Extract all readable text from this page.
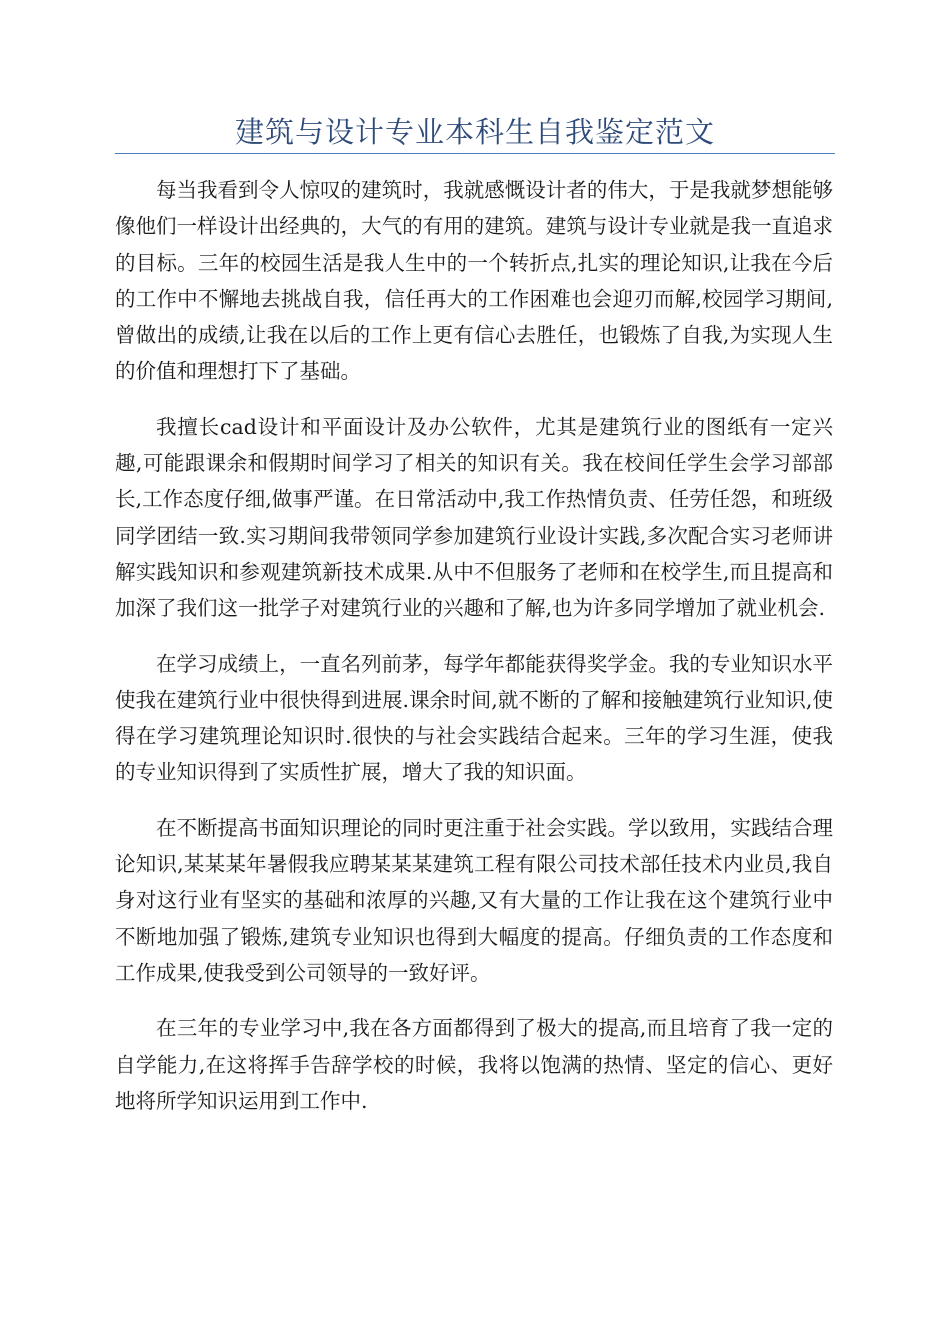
建筑与设计专业本科生自我鉴定范文

每当我看到令人惊叹的建筑时，我就感慨设计者的伟大，于是我就梦想能够像他们一样设计出经典的，大气的有用的建筑。建筑与设计专业就是我一直追求的目标。三年的校园生活是我人生中的一个转折点,扎实的理论知识,让我在今后的工作中不懈地去挑战自我，信任再大的工作困难也会迎刃而解,校园学习期间,曾做出的成绩,让我在以后的工作上更有信心去胜任，也锻炼了自我,为实现人生的价值和理想打下了基础。

我擅长cad设计和平面设计及办公软件，尤其是建筑行业的图纸有一定兴趣,可能跟课余和假期时间学习了相关的知识有关。我在校间任学生会学习部部长,工作态度仔细,做事严谨。在日常活动中,我工作热情负责、任劳任怨，和班级同学团结一致.实习期间我带领同学参加建筑行业设计实践,多次配合实习老师讲解实践知识和参观建筑新技术成果.从中不但服务了老师和在校学生,而且提高和加深了我们这一批学子对建筑行业的兴趣和了解,也为许多同学增加了就业机会.

在学习成绩上，一直名列前茅，每学年都能获得奖学金。我的专业知识水平使我在建筑行业中很快得到进展.课余时间,就不断的了解和接触建筑行业知识,使得在学习建筑理论知识时.很快的与社会实践结合起来。三年的学习生涯，使我的专业知识得到了实质性扩展，增大了我的知识面。

在不断提高书面知识理论的同时更注重于社会实践。学以致用，实践结合理论知识,某某某年暑假我应聘某某某建筑工程有限公司技术部任技术内业员,我自身对这行业有坚实的基础和浓厚的兴趣,又有大量的工作让我在这个建筑行业中不断地加强了锻炼,建筑专业知识也得到大幅度的提高。仔细负责的工作态度和工作成果,使我受到公司领导的一致好评。

在三年的专业学习中,我在各方面都得到了极大的提高,而且培育了我一定的自学能力,在这将挥手告辞学校的时候，我将以饱满的热情、坚定的信心、更好地将所学知识运用到工作中.
